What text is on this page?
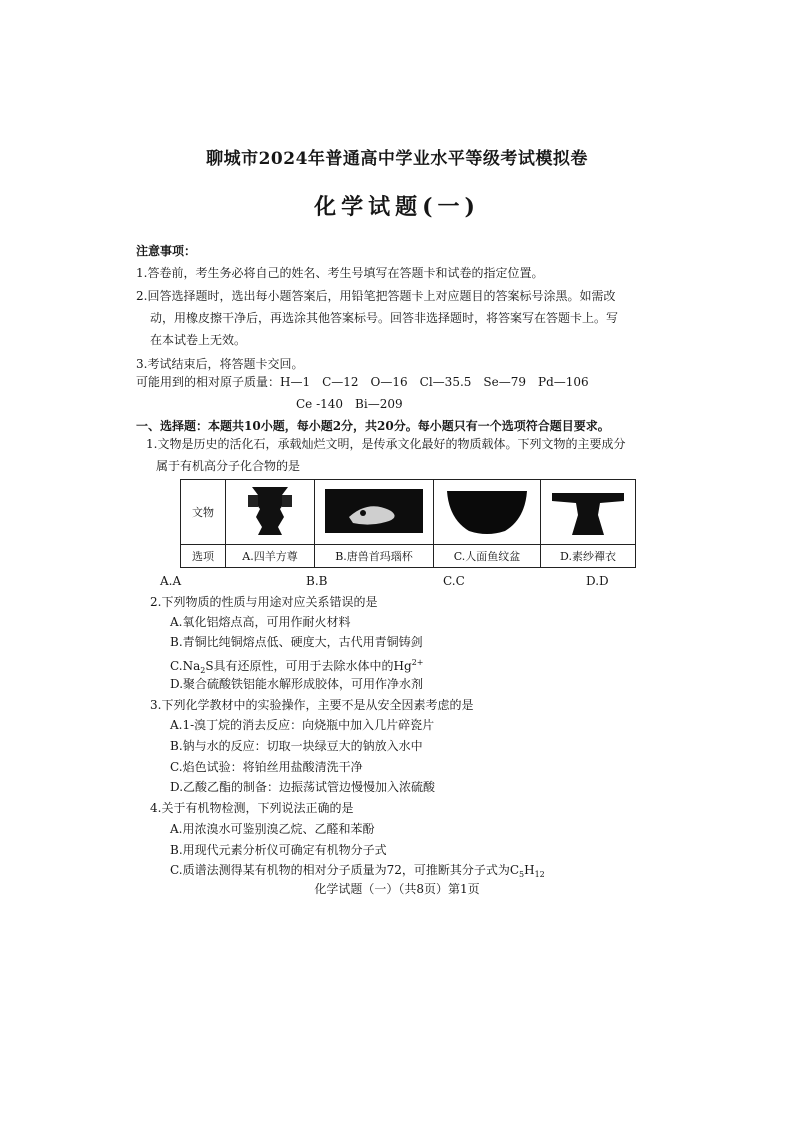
聊城市2024年普通高中学业水平等级考试模拟卷
化学试题(一)
注意事项：
1.答卷前，考生务必将自己的姓名、考生号填写在答题卡和试卷的指定位置。
2.回答选择题时，选出每小题答案后，用铅笔把答题卡上对应题目的答案标号涂黑。如需改
动，用橡皮擦干净后，再选涂其他答案标号。回答非选择题时，将答案写在答题卡上。写
在本试卷上无效。
3.考试结束后，将答题卡交回。
可能用到的相对原子质量：H—1　C—12　O—16　Cl—35.5　Se—79　Pd—106
Ce -140　Bi—209
一、选择题：本题共10小题，每小题2分，共20分。每小题只有一个选项符合题目要求。
1.文物是历史的活化石，承载灿烂文明，是传承文化最好的物质载体。下列文物的主要成分
属于有机高分子化合物的是
文物				
选项	A.四羊方尊	B.唐兽首玛瑙杯	C.人面鱼纹盆	D.素纱襌衣
A.A	B.B	C.C	D.D
2.下列物质的性质与用途对应关系错误的是
A.氧化铝熔点高，可用作耐火材料
B.青铜比纯铜熔点低、硬度大，古代用青铜铸剑
$C.Na_2S$具有还原性，可用于去除水体中的$Hg^{2+}$
D.聚合硫酸铁铝能水解形成胶体，可用作净水剂
3.下列化学教材中的实验操作，主要不是从安全因素考虑的是
A.1-溴丁烷的消去反应：向烧瓶中加入几片碎瓷片
B.钠与水的反应：切取一块绿豆大的钠放入水中
C.焰色试验：将铂丝用盐酸清洗干净
D.乙酸乙酯的制备：边振荡试管边慢慢加入浓硫酸
4.关于有机物检测，下列说法正确的是
A.用浓溴水可鉴别溴乙烷、乙醛和苯酚
B.用现代元素分析仪可确定有机物分子式
C.质谱法测得某有机物的相对分子质量为72，可推断其分子式为$C_5H_{12}$
化学试题（一）（共8页）第1页
